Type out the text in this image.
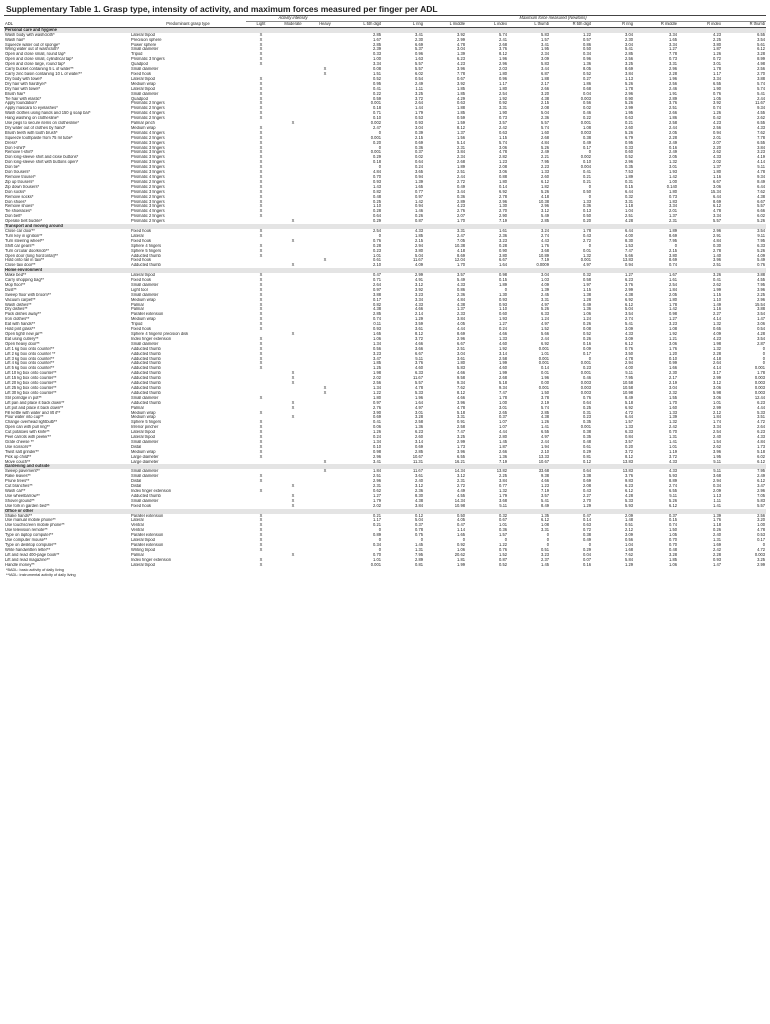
Supplementary Table 1. Grasp type, intensity of activity, and maximum forces measured per finger per ADL
		Activity intensity			Maximum force measured (Newtons)									
ADL	Predominant grasp type	Light	Moderate	Heavy	L 5th digit	L ring	L middle	L index	L thumb	R 5th digit	R ring	R middle	R index	R thumb
Personal care and hygiene														
Wash body with washcloth*	Lateral tripod	X			2.85	3.41	3.92	5.74	5.83	1.22	3.04	3.34	4.23	6.55
Wash hair*	Precision sphere	X			1.67	2.30	2.99	2.41	1.57	0.57	2.30	1.65	2.25	3.54
Squeeze water out of sponge*	Power sphere	X			2.85	6.69	4.78	2.68	3.41	0.86	3.04	3.34	3.80	5.61
Wring water out of washcloth*	Small diameter	X			2.39	5.37	3.04	3.76	1.95	0.50	5.41	1.27	1.87	6.12
Open and close small, round tap*	Tripod	X			0.33	0.96	1.39	8.12	2.34	0.34	2.85	7.78	1.26	3.28
Open and close small, cylindrical tap*	Prismatic 3 fingers	X			1.00	1.63	6.23	1.96	3.09	0.96	2.56	0.73	0.72	8.99
Open and close large, round tap*	Quadpod	X			3.34	5.57	4.23	2.96	5.83	1.36	3.25	3.31	3.01	4.98
Carry bucket containing 5 L of water**	Small diameter			X	0.08	5.57	3.96	2.03	3.44	8.05	8.69	2.96	1.78	2.56
Carry zinc basin containing 10 L of water**	Fixed hook			X	1.51	6.02	7.78	1.80	6.87	0.52	3.84	2.28	1.17	2.70
Dry body with towel*	Lateral tripod	X			0.52	0.54	0.67	0.96	1.88	0.27	1.13	1.96	3.34	3.88
Dry hair with hairdryer*	Medium wrap	X			0.95	2.49	3.92	1.17	2.17	1.86	5.26	2.56	6.55	5.74
Dry hair with towel*	Lateral tripod	X			0.41	1.11	1.85	1.80	2.66	0.68	1.78	2.46	1.90	5.74
Brush hair*	Small diameter	X			0.22	3.25	1.85	2.54	3.20	0.04	2.96	1.91	0.76	5.41
Tie hair with elastic*	Quadpod	X			0.59	3.72	4.29	1.92	4.38	0.003	0.90	2.89	1.05	2.44
Apply foundation*	Prismatic 2 fingers	X			0.001	2.64	0.63	0.92	2.15	0.56	5.26	3.76	3.92	11.67
Apply mascara to eyelashes*	Prismatic 2 fingers	X			0.18	1.44	1.88	3.31	2.08	0.02	2.99	2.51	0.74	9.34
Wash clothes using hands and 150 g soap bar*	Prismatic 4 fingers	X			0.71	1.79	1.85	1.90	5.04	0.46	1.95	2.66	1.26	4.55
Hang washing on clothesline*	Prismatic 2 fingers	X			0.10	0.53	0.59	0.73	2.36	0.22	0.63	1.86	0.42	2.62
Use pegs to secure items on clothesline*	Palmar pinch		X		0.002	0.93	1.59	3.57	5.57	0.001	0.21	2.58	4.23	6.55
Dry water out of clothes by hand*	Medium wrap	X			2.47	3.04	8.12	2.42	5.74	1.08	2.60	2.44	2.56	4.33
Brush teeth with tooth brush*	Prismatic 4 fingers	X			0	0.39	1.37	0.63	1.60	0.003	5.26	2.05	0.94	7.62
Squeeze toothpaste from 75 ml tube*	Prismatic 2 fingers	X			0.001	2.15	1.56	1.15	2.68	0.38	6.79	2.28	2.01	7.78
Dress*	Prismatic 3 fingers	X			0.20	0.69	5.14	5.74	4.84	0.49	0.95	2.49	2.07	6.55
Don t-shirt*	Prismatic 3 fingers	X			0	0.36	2.31	3.06	5.26	0.17	0.33	0.16	2.20	3.84
Remove t-shirt*	Prismatic 3 fingers	X			0.001	0.37	3.84	4.78	2.49	0	0.60	2.49	2.62	3.23
Don long-sleeve shirt and close buttons*	Prismatic 3 fingers	X			0.29	0.02	2.34	2.82	2.21	0.002	0.52	2.05	4.33	4.19
Don long-sleeve shirt with buttons open*	Prismatic 3 fingers	X			0.18	0.64	2.68	1.23	7.95	0.10	2.96	1.32	2.02	4.14
Don tie*	Prismatic 3 fingers	X			0	0.24	1.89	2.08	2.23	0.004	0.35	3.01	1.37	5.11
Don trousers*	Prismatic 3 fingers	X			4.84	3.65	2.51	3.06	1.33	0.41	7.53	1.93	1.80	4.78
Remove trouser*	Prismatic 4 fingers	X			0.70	0.94	2.44	0.88	2.60	0.21	1.89	1.42	1.16	9.34
Zip up trousers*	Prismatic 2 fingers	X			0.93	1.39	2.72	1.80	6.12	0.21	0.31	1.00	6.67	8.49
Zip down trousers*	Prismatic 2 fingers	X			1.43	1.65	0.49	0.14	1.82	0	0.15	0.140	3.06	6.44
Don socks*	Prismatic 3 fingers	X			0.82	0.77	3.44	6.92	5.26	0.50	6.44	1.80	15.34	7.62
Remove socks*	Prismatic 2 fingers	X			0.48	0.97	0.36	2.78	4.18	0	0.32	0.73	6.44	4.38
Don shoes*	Prismatic 3 fingers	X			0.25	1.42	2.89	2.96	10.38	1.33	3.31	1.83	8.69	6.67
Remove shoes*	Prismatic 3 fingers	X			1.10	0.94	4.23	1.30	2.96	0.36	1.18	3.34	6.12	5.57
Tie shoelaces*	Prismatic 4 fingers	X			0.28	1.46	2.76	2.70	3.12	0.13	1.04	2.01	4.78	6.66
Don belt*	Prismatic 2 fingers	X			0.64	0.26	2.07	2.90	5.49	0.50	2.51	1.37	3.34	6.02
Operate belt buckle*	Prismatic 2 fingers		X		0.29	0.87	1.70	7.19	2.85	0.20	4.28	2.31	5.57	5.26
Transport and moving around														
Close car door**	Fixed hook	X			2.54	4.33	3.31	1.61	3.24	1.78	6.44	1.89	2.96	3.54
Turn key in ignition**	Lateral	X			0	1.85	2.47	2.36	2.74	0.43	4.00	8.69	2.91	9.11
Turn steering wheel**	Fixed hook		X		0.76	2.15	7.05	3.23	4.43	2.72	8.30	7.95	4.84	7.95
Shift car gears**	Sphere 4 fingers	X			0.28	2.94	10.38	0.28	1.76	0	1.53	0	0.30	6.33
Turn circular doorknob**	Sphere 5 fingers	X			0.23	3.80	4.18	0.90	3.68	0.01	7.47	2.15	2.78	5.26
Open door (long horizontal)**	Adducted thumb	X			1.01	5.04	8.69	3.80	10.89	1.32	5.66	3.80	1.40	4.09
Hold onto rail in taxi**	Fixed hook			X	0.61	11.67	12.04	6.67	7.19	0.001	13.83	8.69	3.96	5.49
Close taxi door**	Adducted thumb		X		2.10	4.09	1.70	1.64	0.0009	4.97	0.94	0.74	2.51	0.76
Home environment														
Make bed**	Lateral tripod	X			0.47	2.99	3.57	0.98	3.04	0.32	1.27	1.67	3.26	3.88
Carry shopping bag**	Fixed hook	X			0.71	4.91	5.49	0.15	1.03	0.58	6.23	1.61	0.41	4.55
Mop floor**	Small diameter	X			2.64	3.12	4.33	1.89	4.09	1.97	3.76	2.54	2.62	7.95
Dust**	Light tool	X			0.97	3.92	0.86	0	1.39	1.15	2.99	1.84	1.99	3.96
Sweep floor with broom**	Small diameter	X			3.88	3.23	2.36	1.30	2.45	1.38	4.38	2.05	1.15	2.25
Vacuum carpet**	Medium wrap	X			0.17	3.34	4.84	0.93	3.31	1.28	6.92	1.80	1.10	2.96
Wash dishes**	Palmar	X			0.82	4.33	4.38	0.93	4.97	0.49	6.12	1.78	1.49	15.54
Dry dishes**	Palmar	X			4.38	4.66	1.37	1.10	5.26	1.36	5.04	1.42	1.16	3.88
Pack dishes away**	Parallel extension	X			2.85	2.14	2.33	0.60	6.33	1.06	3.54	0.98	2.27	3.54
Iron clothes**	Medium wrap	X			0.74	1.29	3.84	1.93	1.24	1.24	2.74	1.27	4.14	1.47
Eat with hands**	Tripod	X			0.11	3.59	4.05	1.27	4.97	0.26	5.41	3.23	1.32	3.06
Hold pint glass**	Fixed hook	X			0.93	3.61	4.44	0.24	1.52	0.08	3.09	1.08	0.65	0.54
Open tight/ new jar**	Sphere 4 fingers/ precision disk		X		1.65	8.12	8.69	4.66	5.66	0.52	4.33	1.92	4.09	4.28
Eat using cutlery**	Index finger extension	X			1.06	3.72	2.96	1.33	2.44	0.26	3.09	1.21	4.23	3.54
Open heavy door**	Small diameter	X			1.34	4.66	6.67	4.60	6.92	0.16	6.12	3.06	1.98	2.87
Lift 1 kg box onto counter**	Adducted thumb	X			0.56	3.66	2.51	1.92	0.001	0.09	0.76	1.76	1.32	0
Lift 2 kg box onto counter **	Adducted thumb	X			3.23	6.67	3.04	3.14	1.01	0.17	3.50	1.20	2.28	0
Lift 3 kg box onto counter**	Adducted thumb	X			3.47	5.11	3.61	2.58	0.001	0	4.78	0.10	4.18	0
Lift 4 kg box onto counter**	Adducted thumb	X			1.85	3.76	1.80	1.99	0.001	0.001	2.94	0.99	2.64	0
Lift 5 kg box onto counter**	Adducted thumb	X			1.25	4.60	5.83	4.60	0.14	0.23	4.00	1.66	4.14	0.001
Lift 10 kg box onto counter**	Adducted thumb		X		1.98	6.33	4.66	1.99	0.01	0.001	5.11	2.30	3.17	1.78
Lift 15 kg box onto counter**	Adducted thumb		X		2.02	11.67	9.58	2.68	1.96	0.46	7.95	2.17	2.99	0.003
Lift 20 kg box onto counter**	Adducted thumb		X		2.56	5.57	9.34	5.18	0.00	0.003	10.58	2.19	3.12	0.003
Lift 25 kg box onto counter**	Adducted thumb			X	1.34	4.78	7.62	9.34	0.001	0.003	10.58	3.04	3.06	0.003
Lift 30 kg box onto counter**	Adducted thumb			X	1.22	5.33	8.12	7.47	1.50	0.003	10.98	2.32	5.98	0.003
Stir porridge in pot**	Small diameter	X			1.80	1.96	4.66	1.78	3.78	0.76	8.49	1.55	3.06	12.44
Lift pan and place it back down**	Adducted thumb		X		0.97	1.64	3.96	1.00	2.19	0.64	5.18	1.70	1.01	6.23
Lift pot and place it back down**	Palmar		X		2.76	4.97	4.78	3.01	5.74	0.25	6.92	1.60	2.99	4.44
Fill kettle with water and lift it**	Medium wrap	X			3.90	3.01	5.18	2.65	2.85	0.31	4.72	1.33	2.12	5.33
Pour water into cup**	Medium wrap		X		0.69	3.28	3.31	0.37	4.38	0.23	6.44	1.39	1.84	3.51
Change overhead lightbulb**	Sphere 5 fingers	X			0.41	2.58	0.91	1.07	1.26	0.35	1.57	1.32	1.74	4.72
Open can with pull ring**	Inferior pincher	X			0.06	1.36	2.58	1.07	1.41	0.001	1.33	2.42	3.34	2.64
Cut potatoes with knife**	Lateral tripod	X			1.26	6.23	7.47	4.44	6.55	0.38	6.33	0.70	2.54	6.23
Peel carrots with peeler**	Lateral tripod	X			0.24	2.60	3.25	2.80	4.97	0.35	0.84	1.31	2.40	4.33
Grate cheese **	Small diameter	X			1.34	3.14	2.99	1.45	2.44	0.48	3.57	1.41	1.54	4.84
Use scissors**	Distal	X			0.10	0.69	1.73	1.87	1.94	0.61	0.20	1.01	2.62	1.73
Twist salt grinder**	Medium wrap	X			0.98	2.85	3.96	2.66	2.10	0.29	3.72	1.19	3.96	5.18
Pick up child**	Large diameter	X			2.96	10.67	6.55	1.36	13.33	0.81	8.12	3.72	1.95	6.02
Move couch**	Large diameter			X	3.41	11.31	16.21	7.19	10.67	0.12	13.83	4.33	5.11	6.12
Gardening and outside														
Sweep pavement**	Small diameter			X	1.84	11.67	14.34	13.82	33.68	0.64	13.83	4.33	5.11	7.95
Rake leaves**	Small diameter	X			2.51	3.61	3.12	2.25	9.38	3.38	3.76	5.93	3.68	2.49
Prune trees**	Distal	X			2.96	2.40	2.31	3.84	4.66	0.69	9.83	8.89	2.94	6.12
Cut branches**	Distal		X		2.31	3.12	2.72	0.77	1.23	2.08	6.23	2.74	0.34	3.47
Wash car**	Index finger extension	X			0.62	2.36	4.49	1.32	7.19	0.43	6.12	6.55	2.09	2.96
Use wheelbarrow**	Adducted thumb		X		1.27	8.30	4.55	1.79	3.57	2.27	4.28	5.11	1.13	7.05
Shovel ground**	Small diameter		X		1.79	4.38	14.34	3.68	5.41	2.70	5.33	5.26	1.11	5.83
Use fork in garden bed**	Fixed hook		X		2.02	3.84	10.98	5.11	8.49	1.29	5.93	6.12	1.41	5.57
Office or other														
Shake hands**	Parallel extension	X			0.21	0.12	0.50	0.32	1.35	0.47	2.09	0.37	1.39	2.56
Use manual mobile phone**	Lateral	X			1.17	5.04	4.05	0.67	6.12	0.14	1.48	0.15	1.76	3.20
Use touchscreen mobile phone**	Ventral	X			0.21	0.37	0.47	1.01	1.08	0.63	0.51	0.74	1.18	1.00
Use television remote**	Ventral	X			0	0.78	1.14	0.36	3.31	0.72	2.12	1.50	0.26	4.78
Type on laptop computer**	Parallel extension	X			0.89	0.75	1.65	1.57	0	0.38	3.09	1.05	2.40	0.53
Use computer mouse**	Lateral tripod	X			0	0	0	0	0	0.49	0.56	0.70	1.31	0.17
Type on desktop computer**	Parallel extension	X			0.34	1.45	0.92	1.22	0	0	1.04	0.70	1.69	0
Write handwritten letter**	Writing tripod	X			0	1.31	1.06	0.76	0.51	0.29	1.68	0.48	2.42	4.72
Lift and read 400-page book**	Palmar		X		0.70	7.95	20.62	1.52	3.23	0.04	7.62	3.28	2.28	0.003
Lift and read magazine**	Index finger extension	X			1.01	2.89	1.81	0.87	2.37	0.07	5.84	1.85	0.93	3.25
Handle money**	Lateral tripod	X			0.001	0.81	1.99	0.52	1.45	0.16	1.29	1.06	1.47	2.99
*BADL: basic activity of daily living
**IADL: instrumental activity of daily living
